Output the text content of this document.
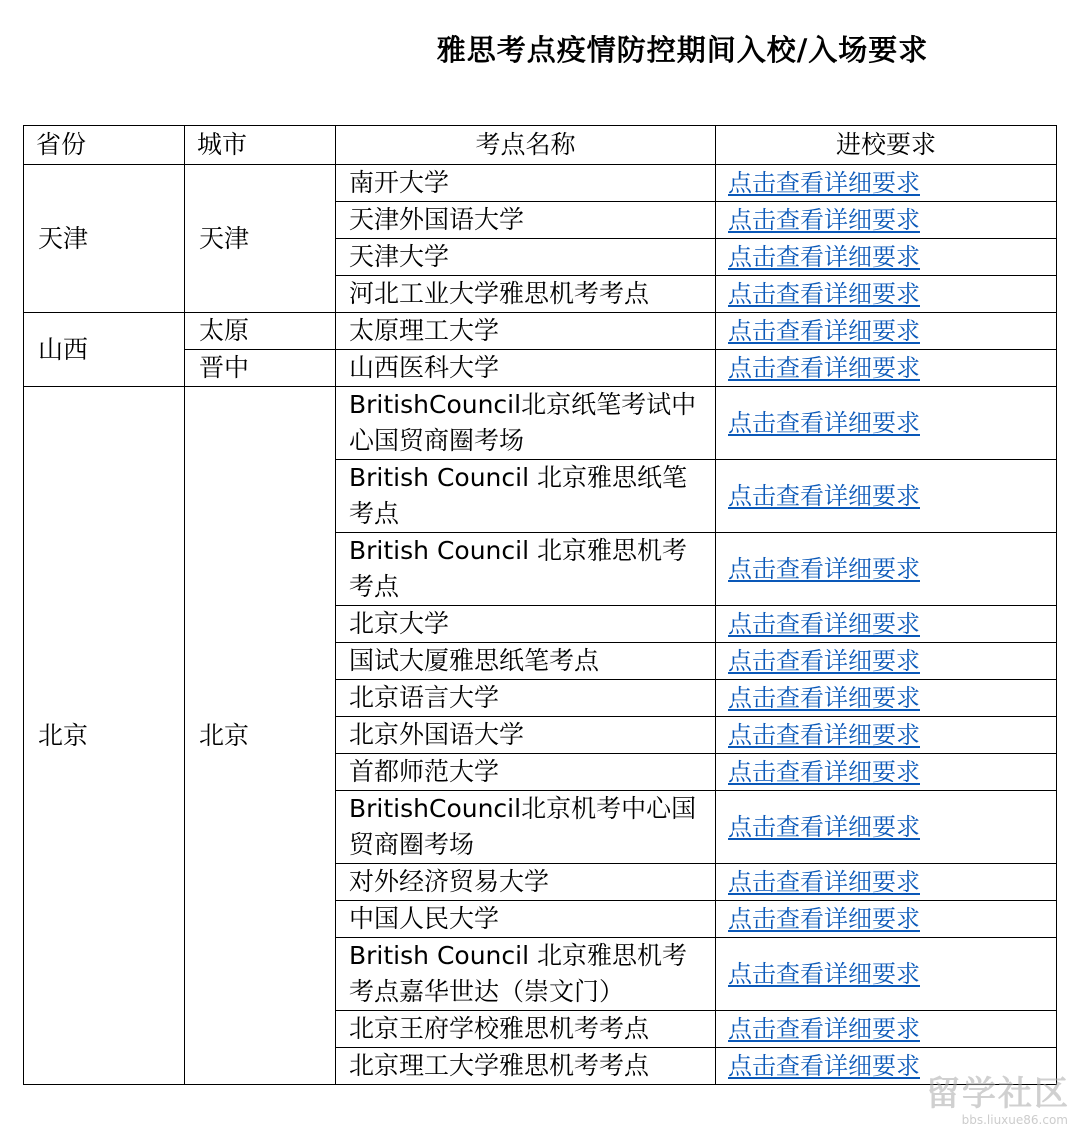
雅思考点疫情防控期间入校/入场要求
省份	城市	考点名称	进校要求
天津	天津	南开大学	点击查看详细要求
		天津外国语大学	点击查看详细要求
		天津大学	点击查看详细要求
		河北工业大学雅思机考考点	点击查看详细要求
山西	太原	太原理工大学	点击查看详细要求
	晋中	山西医科大学	点击查看详细要求
北京	北京	BritishCouncil北京纸笔考试中心国贸商圈考场	点击查看详细要求
		British Council 北京雅思纸笔考点	点击查看详细要求
		British Council 北京雅思机考考点	点击查看详细要求
		北京大学	点击查看详细要求
		国试大厦雅思纸笔考点	点击查看详细要求
		北京语言大学	点击查看详细要求
		北京外国语大学	点击查看详细要求
		首都师范大学	点击查看详细要求
		BritishCouncil北京机考中心国贸商圈考场	点击查看详细要求
		对外经济贸易大学	点击查看详细要求
		中国人民大学	点击查看详细要求
		British Council 北京雅思机考考点嘉华世达（崇文门）	点击查看详细要求
		北京王府学校雅思机考考点	点击查看详细要求
		北京理工大学雅思机考考点	点击查看详细要求
留学社区
bbs.liuxue86.com
